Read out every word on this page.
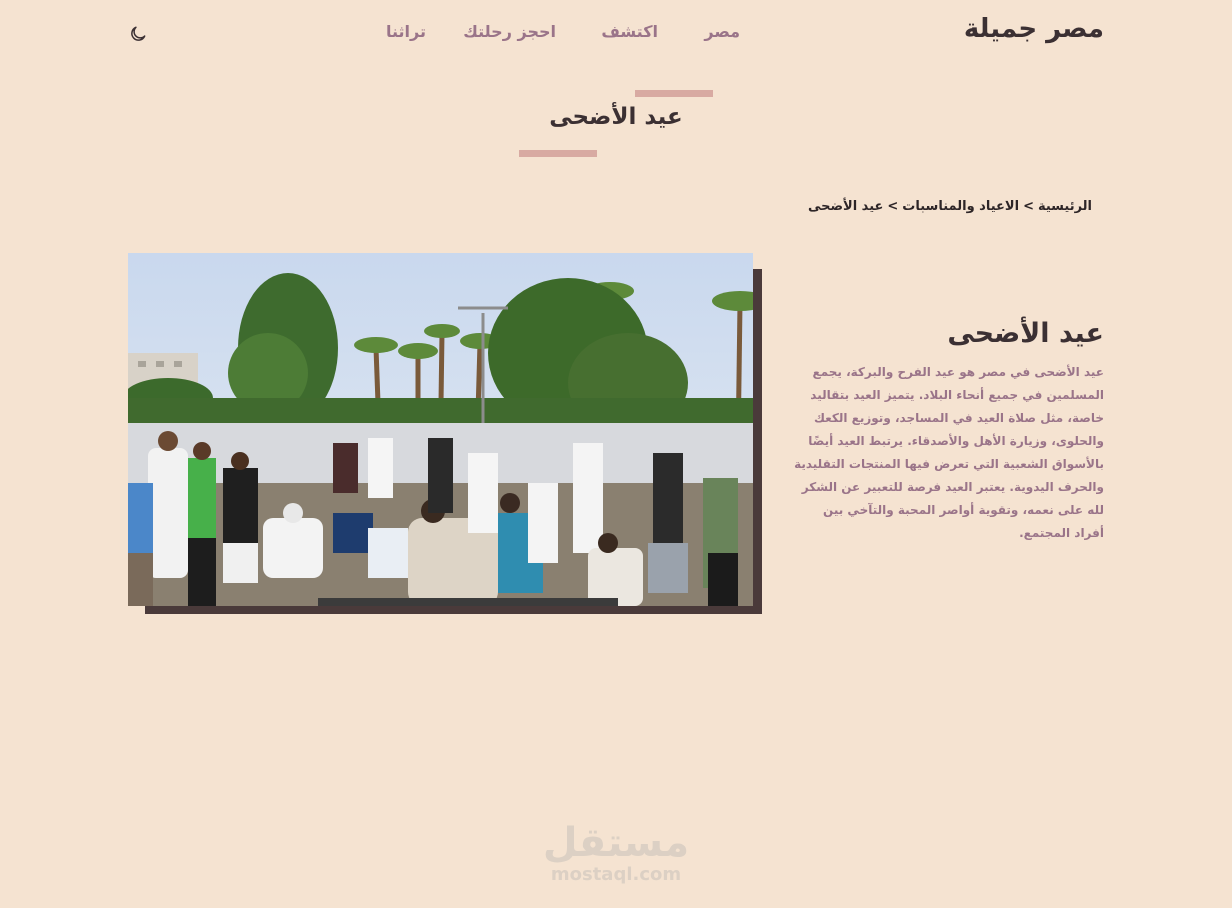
مصر جميلة
مصر
اكتشف
احجز رحلتك
تراثنا
عيد الأضحى
الرئيسية>الاعياد والمناسبات>عيد الأضحى
عيد الأضحى

عيد الأضحى في مصر هو عيد الفرح والبركة، يجمع المسلمين في جميع أنحاء البلاد. يتميز العيد بتقاليد خاصة، مثل صلاة العيد في المساجد، وتوزيع الكعك والحلوى، وزيارة الأهل والأصدقاء. يرتبط العيد أيضًا بالأسواق الشعبية التي تعرض فيها المنتجات التقليدية والحرف اليدوية. يعتبر العيد فرصة للتعبير عن الشكر لله على نعمه، وتقوية أواصر المحبة والتآخي بين أفراد المجتمع.

مستقل
mostaql.com
